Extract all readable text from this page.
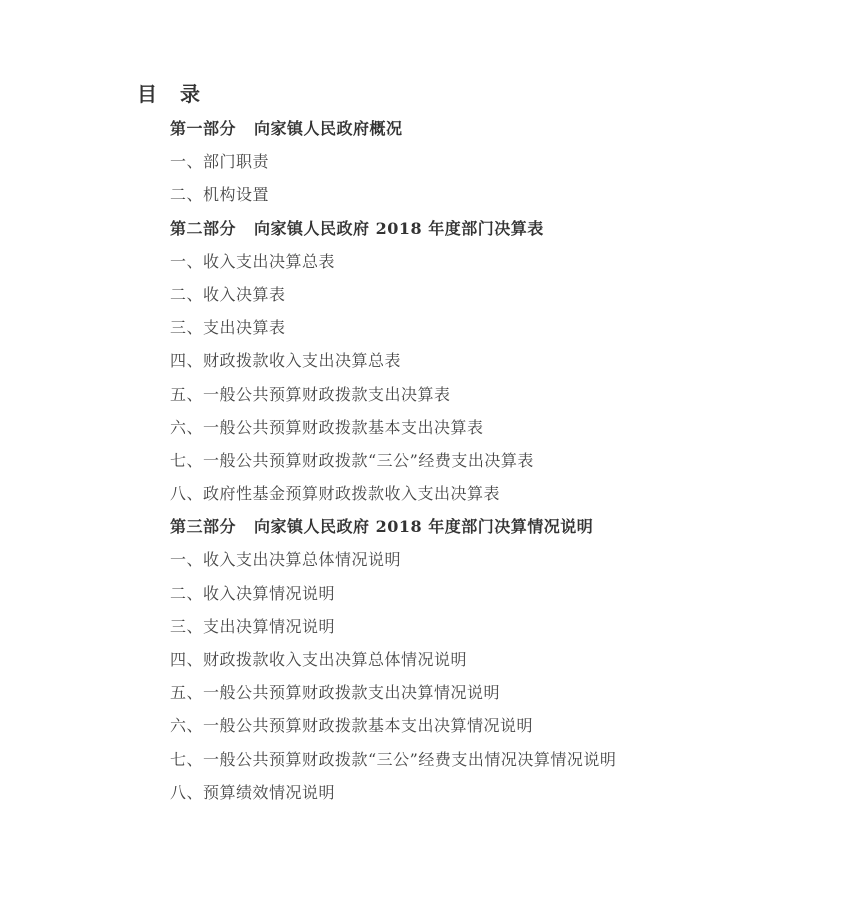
目 录
第一部分 向家镇人民政府概况
一、部门职责
二、机构设置
第二部分 向家镇人民政府 2018 年度部门决算表
一、收入支出决算总表
二、收入决算表
三、支出决算表
四、财政拨款收入支出决算总表
五、一般公共预算财政拨款支出决算表
六、一般公共预算财政拨款基本支出决算表
七、一般公共预算财政拨款“三公”经费支出决算表
八、政府性基金预算财政拨款收入支出决算表
第三部分 向家镇人民政府 2018 年度部门决算情况说明
一、收入支出决算总体情况说明
二、收入决算情况说明
三、支出决算情况说明
四、财政拨款收入支出决算总体情况说明
五、一般公共预算财政拨款支出决算情况说明
六、一般公共预算财政拨款基本支出决算情况说明
七、一般公共预算财政拨款“三公”经费支出情况决算情况说明
八、预算绩效情况说明
